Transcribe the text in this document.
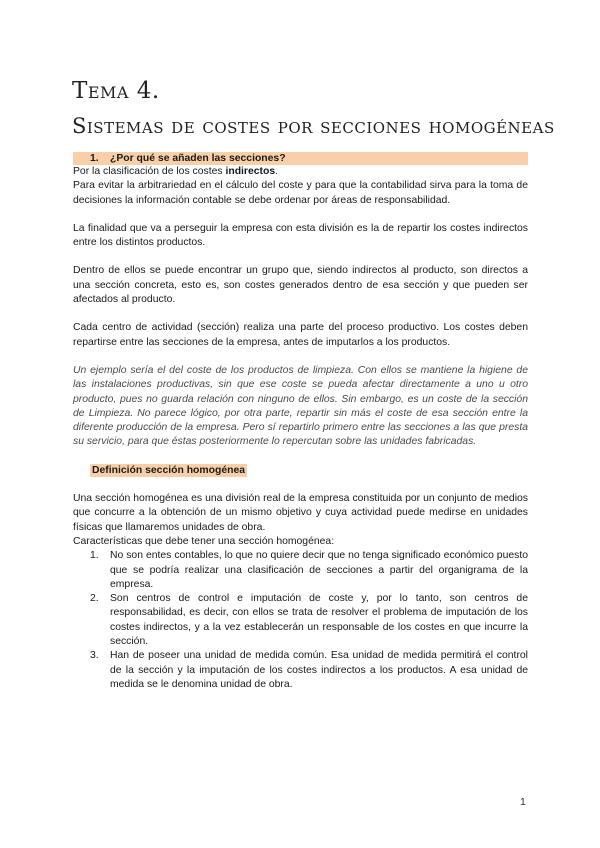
Tema 4.
Sistemas de costes por secciones homogéneas
1. ¿Por qué se añaden las secciones?

Por la clasificación de los costes indirectos.

Para evitar la arbitrariedad en el cálculo del coste y para que la contabilidad sirva para la toma de decisiones la información contable se debe ordenar por áreas de responsabilidad.

La finalidad que va a perseguir la empresa con esta división es la de repartir los costes indirectos entre los distintos productos.

Dentro de ellos se puede encontrar un grupo que, siendo indirectos al producto, son directos a una sección concreta, esto es, son costes generados dentro de esa sección y que pueden ser afectados al producto.

Cada centro de actividad (sección) realiza una parte del proceso productivo. Los costes deben repartirse entre las secciones de la empresa, antes de imputarlos a los productos.

Un ejemplo sería el del coste de los productos de limpieza. Con ellos se mantiene la higiene de las instalaciones productivas, sin que ese coste se pueda afectar directamente a uno u otro producto, pues no guarda relación con ninguno de ellos. Sin embargo, es un coste de la sección de Limpieza. No parece lógico, por otra parte, repartir sin más el coste de esa sección entre la diferente producción de la empresa. Pero sí repartirlo primero entre las secciones a las que presta su servicio, para que éstas posteriormente lo repercutan sobre las unidades fabricadas.

Definición sección homogénea

Una sección homogénea es una división real de la empresa constituida por un conjunto de medios que concurre a la obtención de un mismo objetivo y cuya actividad puede medirse en unidades físicas que llamaremos unidades de obra.

Características que debe tener una sección homogénea:

1. No son entes contables, lo que no quiere decir que no tenga significado económico puesto que se podría realizar una clasificación de secciones a partir del organigrama de la empresa.
2. Son centros de control e imputación de coste y, por lo tanto, son centros de responsabilidad, es decir, con ellos se trata de resolver el problema de imputación de los costes indirectos, y a la vez establecerán un responsable de los costes en que incurre la sección.
3. Han de poseer una unidad de medida común. Esa unidad de medida permitirá el control de la sección y la imputación de los costes indirectos a los productos. A esa unidad de medida se le denomina unidad de obra.
1
